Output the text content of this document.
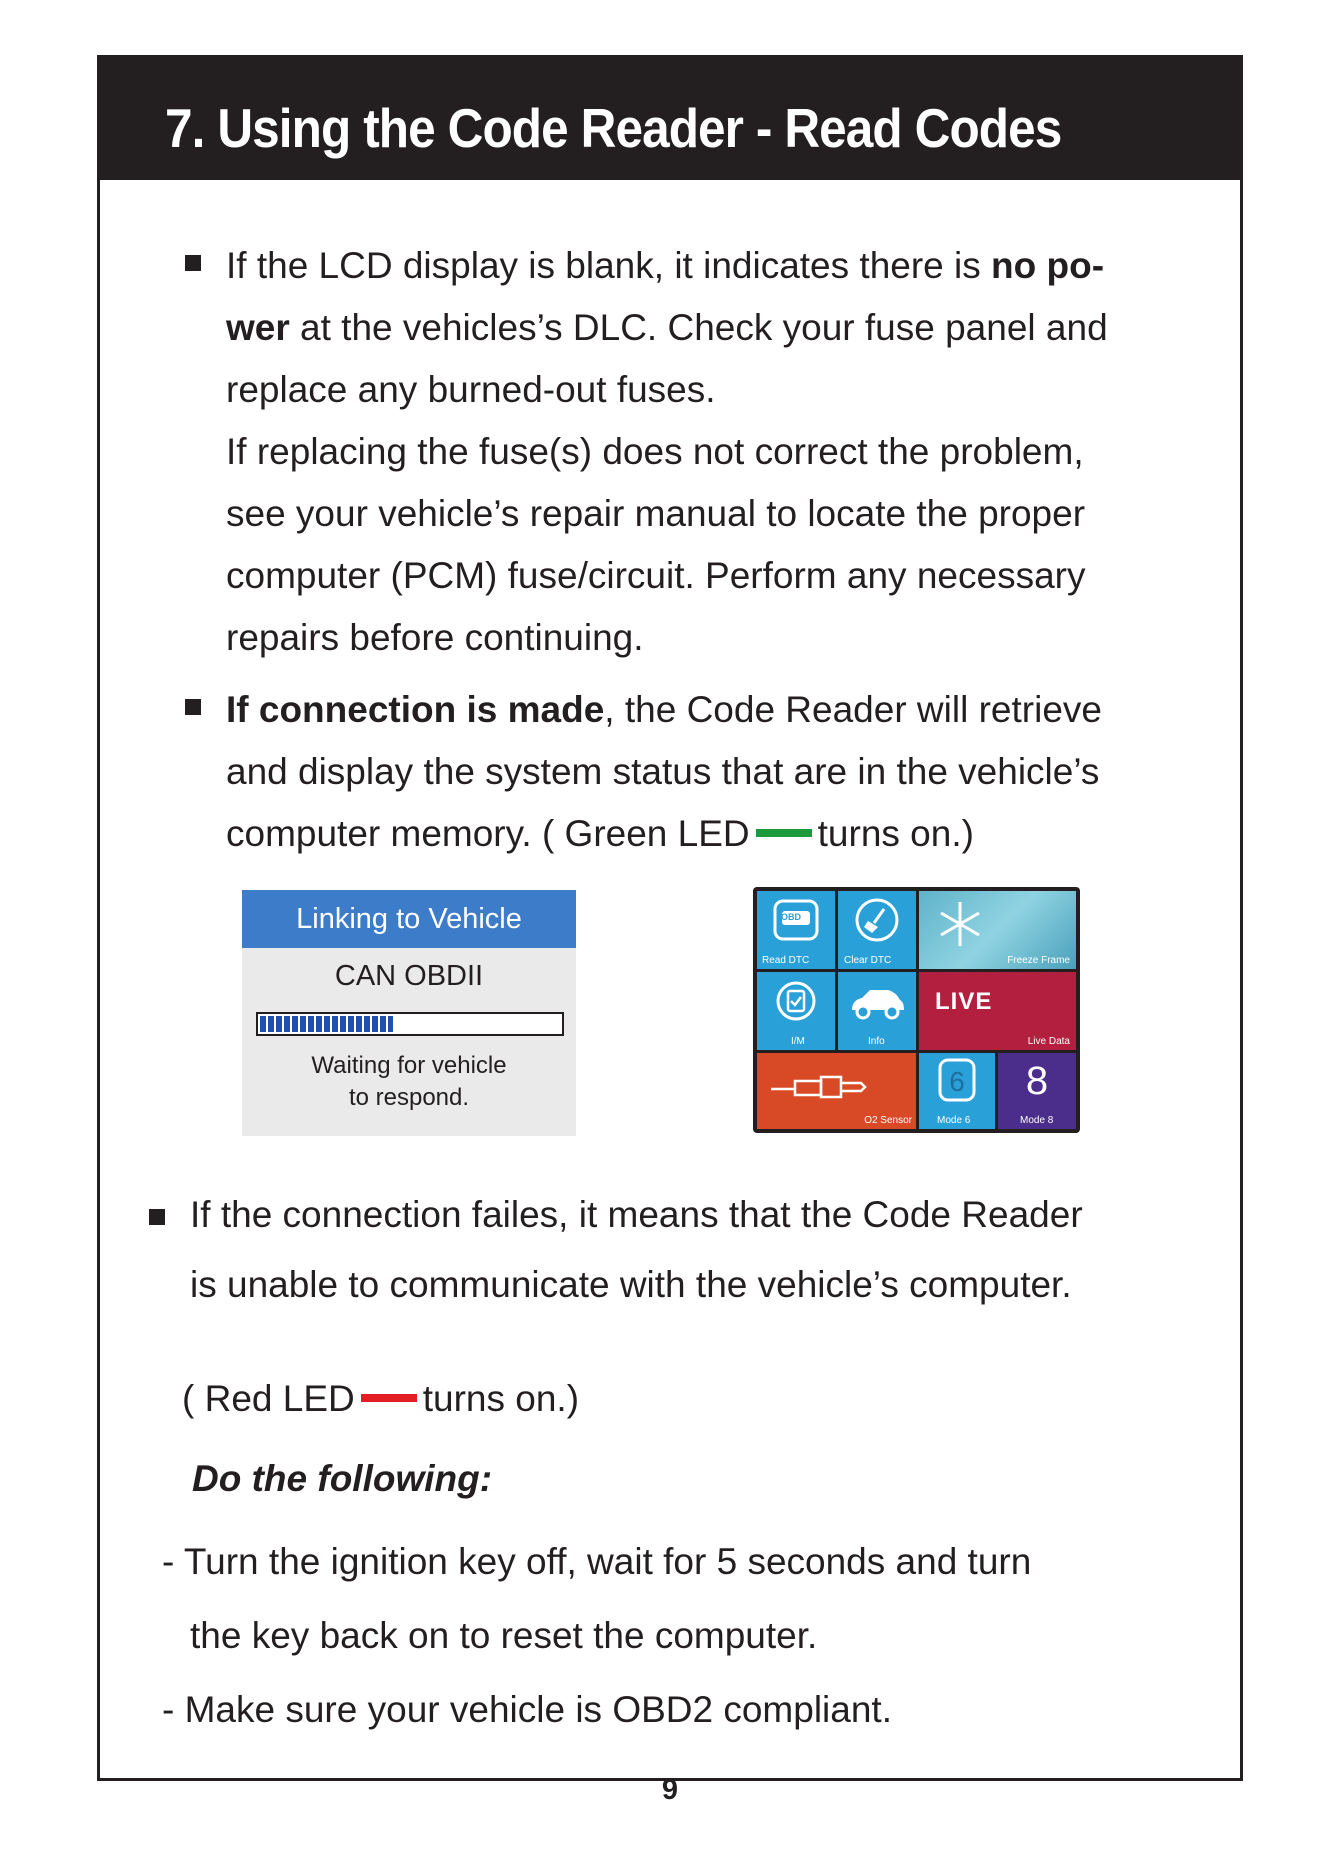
7. Using the Code Reader - Read Codes

If the LCD display is blank, it indicates there is no po-

wer at the vehicles’s DLC. Check your fuse panel and

replace any burned-out fuses.

If replacing the fuse(s) does not correct the problem,

see your vehicle’s repair manual to locate the proper

computer (PCM) fuse/circuit. Perform any necessary

repairs before continuing.

If connection is made, the Code Reader will retrieve

and display the system status that are in the vehicle’s

computer memory. ( Green LED turns on.)

Linking to Vehicle
CAN OBDII
Waiting for vehicle
to respond.
OBD
Read DTC	Clear DTC	Freeze Frame
I/M	Info
LIVE
Live Data
O2 Sensor
6
Mode 6
8
Mode 8

If the connection failes, it means that the Code Reader

is unable to communicate with the vehicle’s computer.

( Red LED turns on.)

Do the following:

- Turn the ignition key off, wait for 5 seconds and turn

the key back on to reset the computer.

- Make sure your vehicle is OBD2 compliant.

9
